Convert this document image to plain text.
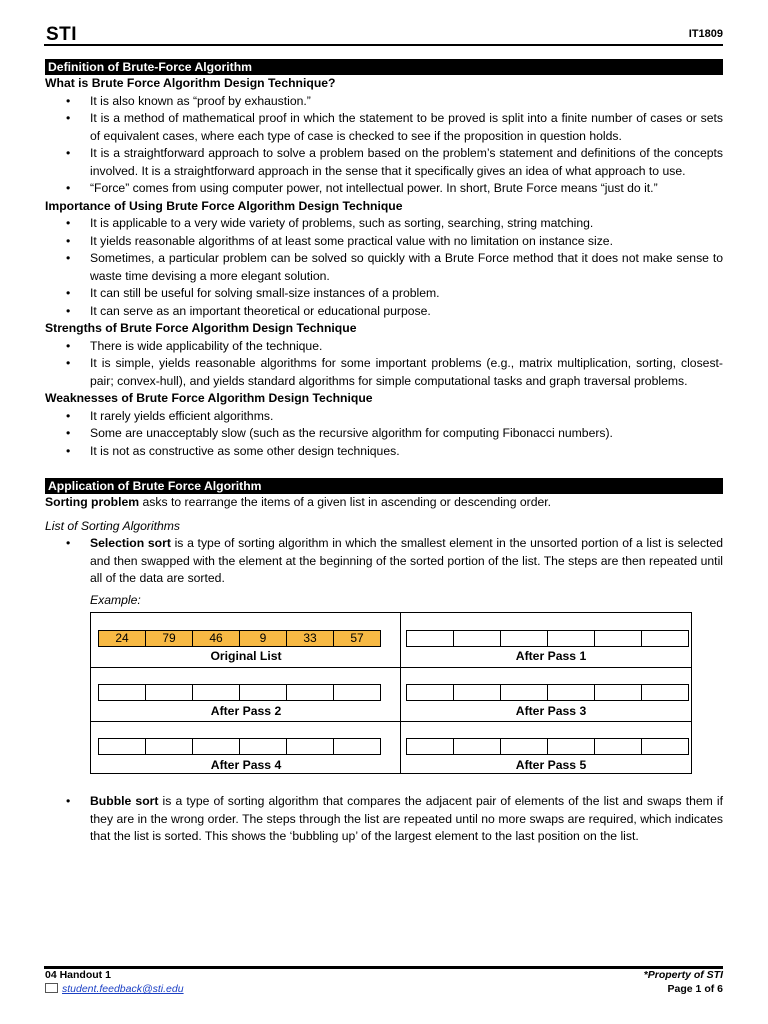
STI	IT1809
Definition of Brute-Force Algorithm
What is Brute Force Algorithm Design Technique?
• It is also known as “proof by exhaustion.”
• It is a method of mathematical proof in which the statement to be proved is split into a finite number of cases or sets of equivalent cases, where each type of case is checked to see if the proposition in question holds.
• It is a straightforward approach to solve a problem based on the problem’s statement and definitions of the concepts involved. It is a straightforward approach in the sense that it specifically gives an idea of what approach to use.
• “Force” comes from using computer power, not intellectual power. In short, Brute Force means “just do it.”
Importance of Using Brute Force Algorithm Design Technique
• It is applicable to a very wide variety of problems, such as sorting, searching, string matching.
• It yields reasonable algorithms of at least some practical value with no limitation on instance size.
• Sometimes, a particular problem can be solved so quickly with a Brute Force method that it does not make sense to waste time devising a more elegant solution.
• It can still be useful for solving small-size instances of a problem.
• It can serve as an important theoretical or educational purpose.
Strengths of Brute Force Algorithm Design Technique
• There is wide applicability of the technique.
• It is simple, yields reasonable algorithms for some important problems (e.g., matrix multiplication, sorting, closest-pair; convex-hull), and yields standard algorithms for simple computational tasks and graph traversal problems.
Weaknesses of Brute Force Algorithm Design Technique
• It rarely yields efficient algorithms.
• Some are unacceptably slow (such as the recursive algorithm for computing Fibonacci numbers).
• It is not as constructive as some other design techniques.
Application of Brute Force Algorithm
Sorting problem asks to rearrange the items of a given list in ascending or descending order.
List of Sorting Algorithms
• Selection sort is a type of sorting algorithm in which the smallest element in the unsorted portion of a list is selected and then swapped with the element at the beginning of the sorted portion of the list. The steps are then repeated until all of the data are sorted.
Example:
24	79	46	9	33	57
Original List	After Pass 1
After Pass 2	After Pass 3
After Pass 4	After Pass 5
• Bubble sort is a type of sorting algorithm that compares the adjacent pair of elements of the list and swaps them if they are in the wrong order. The steps through the list are repeated until no more swaps are required, which indicates that the list is sorted. This shows the ‘bubbling up’ of the largest element to the last position on the list.
04 Handout 1
student.feedback@sti.edu
*Property of STI
Page 1 of 6
